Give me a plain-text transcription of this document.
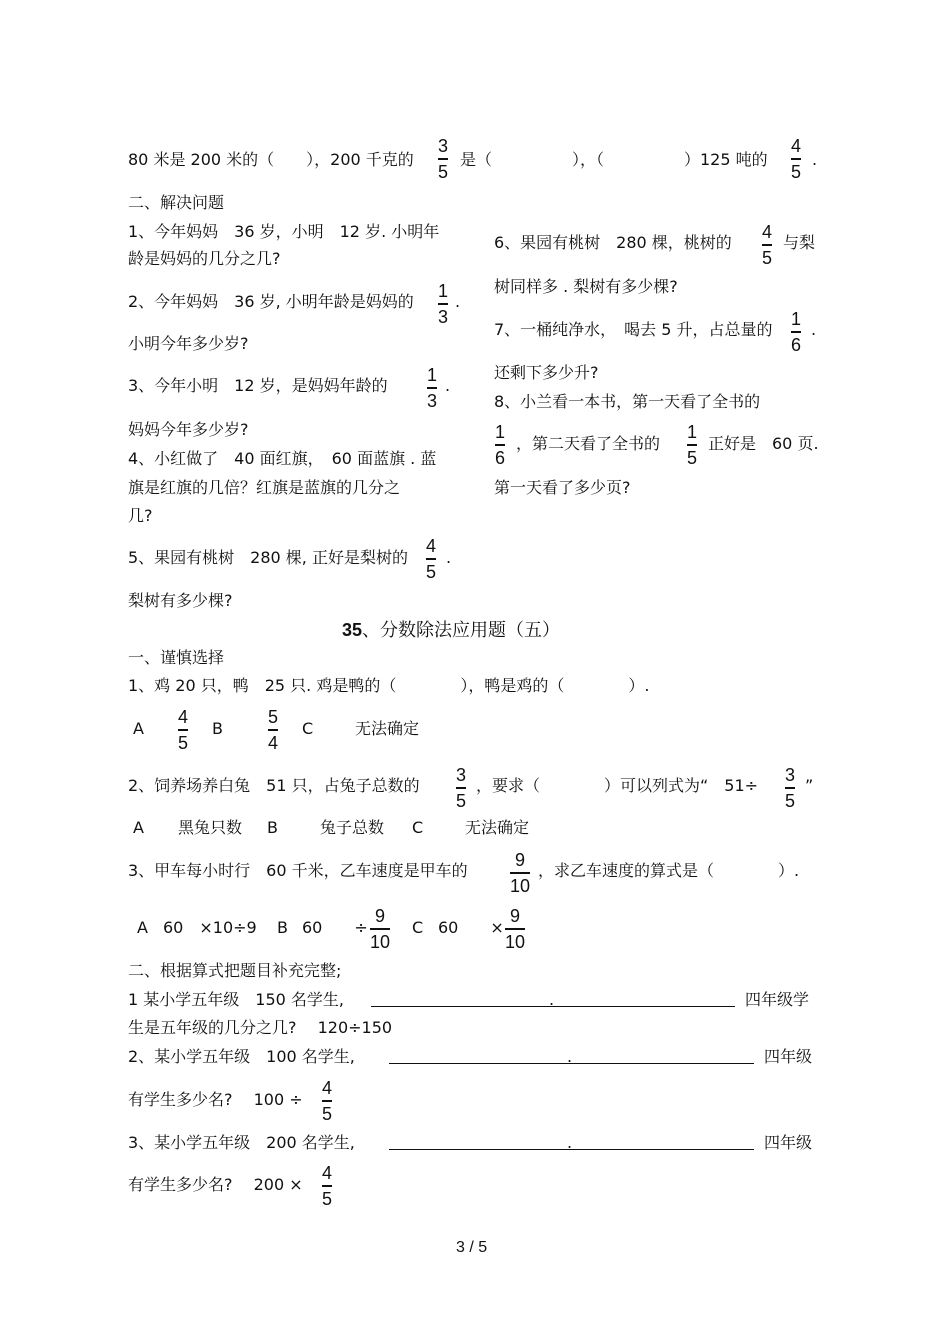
80 米是 200 米的（　　），200 千克的
3
5
是（　　　　　），（　　　　　）125 吨的
4
5
.
二、解决问题
1、今年妈妈　36 岁，小明　12 岁. 小明年
龄是妈妈的几分之几?
2、今年妈妈　36 岁, 小明年龄是妈妈的
1
3
.
小明今年多少岁?
3、今年小明　12 岁，是妈妈年龄的
1
3
.
妈妈今年多少岁?
4、小红做了　40 面红旗，　60 面蓝旗 . 蓝
旗是红旗的几倍？红旗是蓝旗的几分之
几?
5、果园有桃树　280 棵, 正好是梨树的
4
5
.
梨树有多少棵?
6、果园有桃树　280 棵，桃树的
4
5
与梨
树同样多 . 梨树有多少棵?
7、一桶纯净水，　喝去 5 升，占总量的
1
6
.
还剩下多少升?
8、小兰看一本书，第一天看了全书的
1
6
，第二天看了全书的
1
5
正好是　60 页.
第一天看了多少页?
35、分数除法应用题（五）
一、谨慎选择
1、鸡 20 只，鸭　25 只. 鸡是鸭的（　　　　），鸭是鸡的（　　　　）.
A
4
5
B
5
4
C	无法确定
2、饲养场养白兔　51 只，占兔子总数的
3
5
，要求（　　　　）可以列式为“　51÷
3
5
”
A 黑兔只数 B	兔子总数 C	无法确定
3、甲车每小时行　60 千米，乙车速度是甲车的
9
10
，求乙车速度的算式是（　　　　）.
A 60　×10÷9 B 60　　÷
9
10
C 60　　×
9
10
二、根据算式把题目补充完整;
1 某小学五年级　150 名学生,	.	四年级学
生是五年级的几分之几?　 120÷150
2、某小学五年级　100 名学生,	.	四年级
有学生多少名?　 100 ÷
4
5
3、某小学五年级　200 名学生,	.	四年级
有学生多少名?　 200 ×
4
5
3 / 5
